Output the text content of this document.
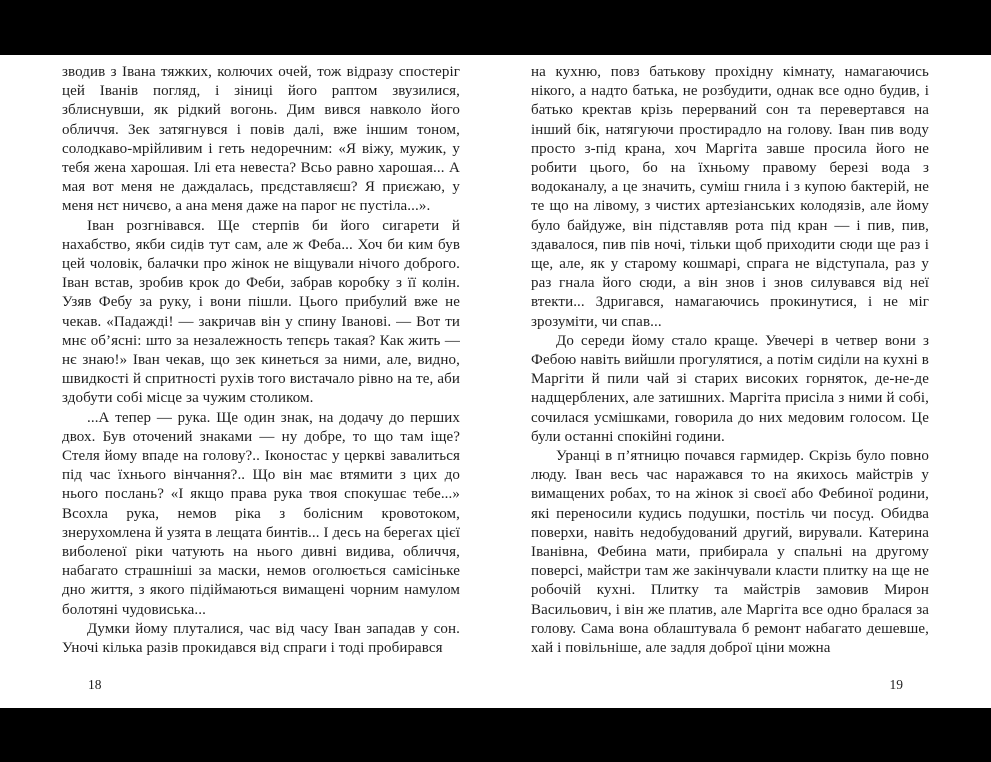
зводив з Івана тяжких, колючих очей, тож відразу спостеріг цей Іванів погляд, і зіниці його раптом звузилися, зблиснувши, як рідкий вогонь. Дим вився навколо його обличчя. Зек затягнувся і повів далі, вже іншим тоном, солодкаво-мрійливим і геть недоречним: «Я віжу, мужик, у тебя жена харошая. Ілі ета невеста? Всьо равно харошая... А мая вот меня не даждалась, прєдставляєш? Я приєжаю, у меня нєт ничєво, а ана меня даже на парог нє пустіла...».

Іван розгнівався. Ще стерпів би його сигарети й нахабство, якби сидів тут сам, але ж Феба... Хоч би ким був цей чоловік, балачки про жінок не віщували нічого доброго. Іван встав, зробив крок до Феби, забрав коробку з її колін. Узяв Фебу за руку, і вони пішли. Цього прибулий вже не чекав. «Падажді! — закричав він у спину Іванові. — Вот ти мнє об’ясні: што за незалежность тепєрь такая? Как жить — нє знаю!» Іван чекав, що зек кинеться за ними, але, видно, швидкості й спритності рухів того вистачало рівно на те, аби здобути собі місце за чужим столиком.

...А тепер — рука. Ще один знак, на додачу до перших двох. Був оточений знаками — ну добре, то що там іще? Стеля йому впаде на голову?.. Іконостас у церкві завалиться під час їхнього вінчання?.. Що він має втямити з цих до нього послань? «І якщо права рука твоя спокушає тебе...» Всохла рука, немов ріка з болісним кровотоком, знерухомлена й узята в лещата бинтів... І десь на берегах цієї виболеної ріки чатують на нього дивні видива, обличчя, набагато страшніші за маски, немов оголюється самісіньке дно життя, з якого підіймаються вимащені чорним намулом болотяні чудовиська...

Думки йому плуталися, час від часу Іван западав у сон. Уночі кілька разів прокидався від спраги і тоді пробирався

18

на кухню, повз батькову прохідну кімнату, намагаючись нікого, а надто батька, не розбудити, однак все одно будив, і батько кректав крізь перерваний сон та перевертався на інший бік, натягуючи простирадло на голову. Іван пив воду просто з-під крана, хоч Маргіта завше просила його не робити цього, бо на їхньому правому березі вода з водоканалу, а це значить, суміш гнила і з купою бактерій, не те що на лівому, з чистих артезіанських колодязів, але йому було байдуже, він підставляв рота під кран — і пив, пив, здавалося, пив пів ночі, тільки щоб приходити сюди ще раз і ще, але, як у старому кошмарі, спрага не відступала, раз у раз гнала його сюди, а він знов і знов силувався від неї втекти... Здригався, намагаючись прокинутися, і не міг зрозуміти, чи спав...

До середи йому стало краще. Увечері в четвер вони з Фебою навіть вийшли прогулятися, а потім сиділи на кухні в Маргіти й пили чай зі старих високих горняток, де-не-де надщерблених, але затишних. Маргіта присіла з ними й собі, сочилася усмішками, говорила до них медовим голосом. Це були останні спокійні години.

Уранці в п’ятницю почався гармидер. Скрізь було повно люду. Іван весь час наражався то на якихось майстрів у вимащених робах, то на жінок зі своєї або Фебиної родини, які переносили кудись подушки, постіль чи посуд. Обидва поверхи, навіть недобудований другий, вирували. Катерина Іванівна, Фебина мати, прибирала у спальні на другому поверсі, майстри там же закінчували класти плитку на ще не робочій кухні. Плитку та майстрів замовив Мирон Васильович, і він же платив, але Маргіта все одно бралася за голову. Сама вона облаштувала б ремонт набагато дешевше, хай і повільніше, але задля доброї ціни можна

19
